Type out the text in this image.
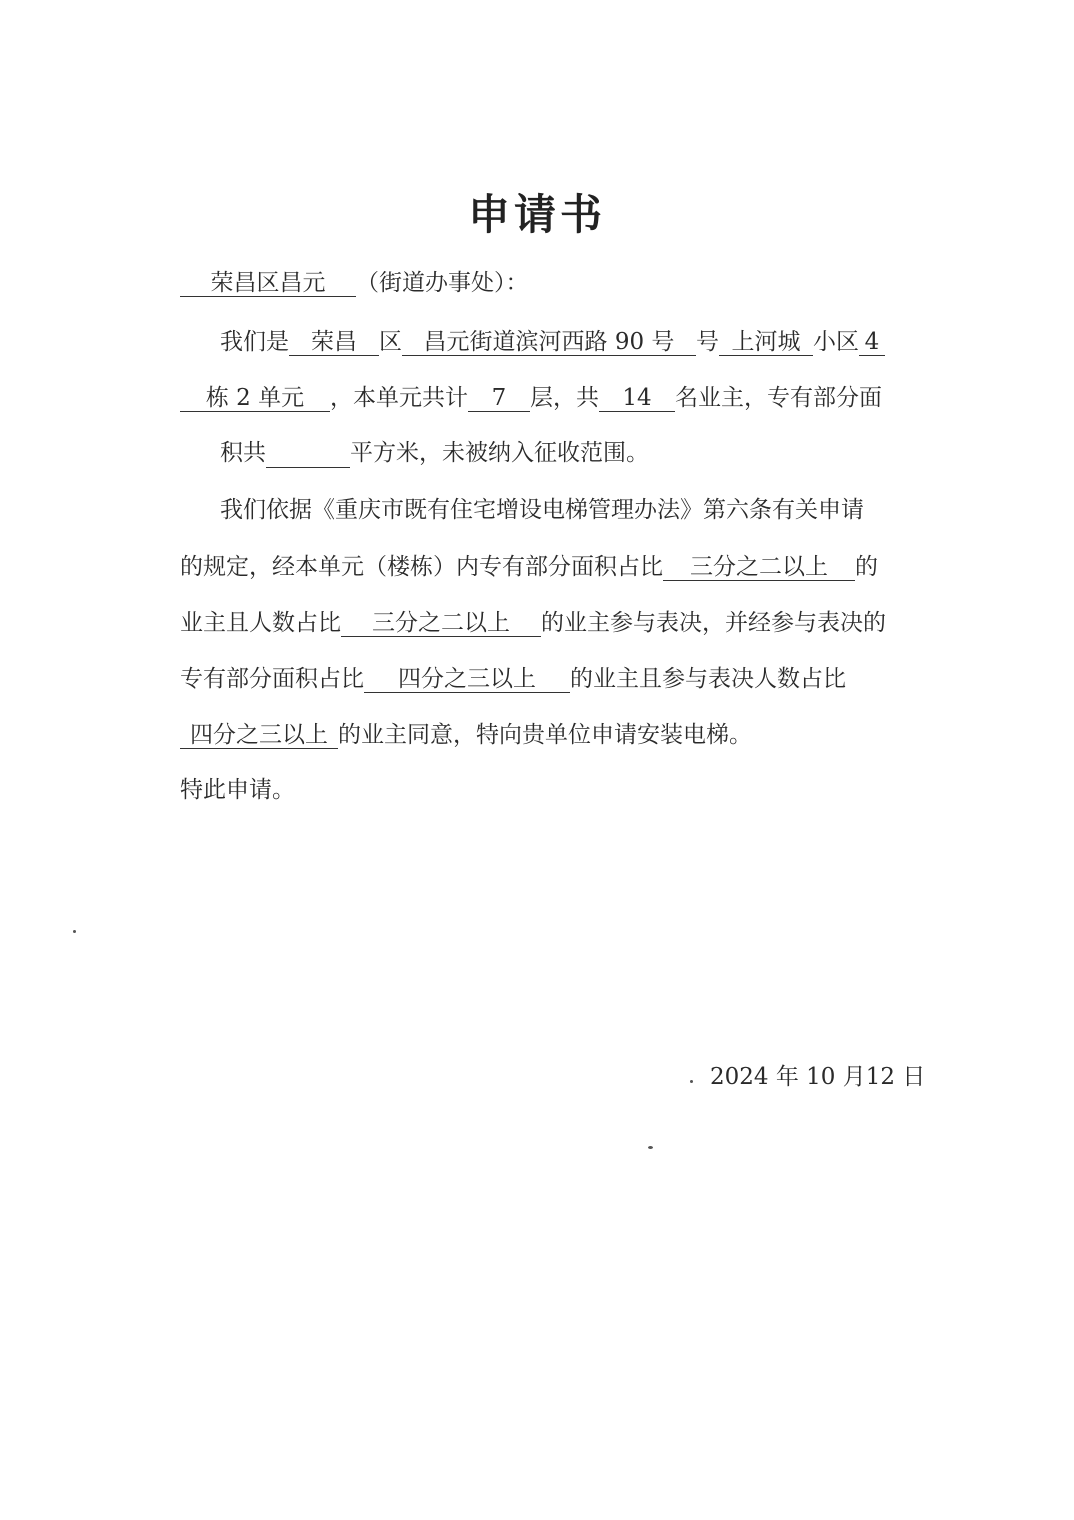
申请书
荣昌区昌元 （街道办事处）：
我们是 荣昌 区 昌元街道滨河西路 90 号 号 上河城 小区 4
栋 2 单元 ，本单元共计 7 层，共 14 名业主，专有部分面
积共	平方米，未被纳入征收范围。
我们依据《重庆市既有住宅增设电梯管理办法》第六条有关申请
的规定，经本单元（楼栋）内专有部分面积占比 三分之二以上 的
业主且人数占比 三分之二以上 的业主参与表决，并经参与表决的
专有部分面积占比 四分之三以上 的业主且参与表决人数占比
四分之三以上 的业主同意，特向贵单位申请安装电梯。
特此申请。
2024 年 10 月12 日
